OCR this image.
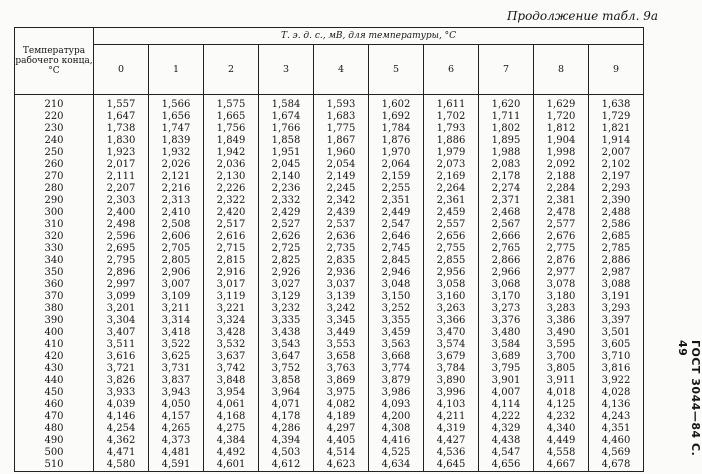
Продолжение табл. 9а
Температура рабочего конца, °С	Т. э. д. с., мВ, для температуры, °С									
	0	1	2	3	4	5	6	7	8	9
210	1,557	1,566	1,575	1,584	1,593	1,602	1,611	1,620	1,629	1,638
220	1,647	1,656	1,665	1,674	1,683	1,692	1,702	1,711	1,720	1,729
230	1,738	1,747	1,756	1,766	1,775	1,784	1,793	1,802	1,812	1,821
240	1,830	1,839	1,849	1,858	1,867	1,876	1,886	1,895	1,904	1,914
250	1,923	1,932	1,942	1,951	1,960	1,970	1,979	1,988	1,998	2,007
260	2,017	2,026	2,036	2,045	2,054	2,064	2,073	2,083	2,092	2,102
270	2,111	2,121	2,130	2,140	2,149	2,159	2,169	2,178	2,188	2,197
280	2,207	2,216	2,226	2,236	2,245	2,255	2,264	2,274	2,284	2,293
290	2,303	2,313	2,322	2,332	2,342	2,351	2,361	2,371	2,381	2,390
300	2,400	2,410	2,420	2,429	2,439	2,449	2,459	2,468	2,478	2,488
310	2,498	2,508	2,517	2,527	2,537	2,547	2,557	2,567	2,577	2,586
320	2,596	2,606	2,616	2,626	2,636	2,646	2,656	2,666	2,676	2,685
330	2,695	2,705	2,715	2,725	2,735	2,745	2,755	2,765	2,775	2,785
340	2,795	2,805	2,815	2,825	2,835	2,845	2,855	2,866	2,876	2,886
350	2,896	2,906	2,916	2,926	2,936	2,946	2,956	2,966	2,977	2,987
360	2,997	3,007	3,017	3,027	3,037	3,048	3,058	3,068	3,078	3,088
370	3,099	3,109	3,119	3,129	3,139	3,150	3,160	3,170	3,180	3,191
380	3,201	3,211	3,221	3,232	3,242	3,252	3,263	3,273	3,283	3,293
390	3,304	3,314	3,324	3,335	3,345	3,355	3,366	3,376	3,386	3,397
400	3,407	3,418	3,428	3,438	3,449	3,459	3,470	3,480	3,490	3,501
410	3,511	3,522	3,532	3,543	3,553	3,563	3,574	3,584	3,595	3,605
420	3,616	3,625	3,637	3,647	3,658	3,668	3,679	3,689	3,700	3,710
430	3,721	3,731	3,742	3,752	3,763	3,774	3,784	3,795	3,805	3,816
440	3,826	3,837	3,848	3,858	3,869	3,879	3,890	3,901	3,911	3,922
450	3,933	3,943	3,954	3,964	3,975	3,986	3,996	4,007	4,018	4,028
460	4,039	4,050	4,061	4,071	4,082	4,093	4,103	4,114	4,125	4,136
470	4,146	4,157	4,168	4,178	4,189	4,200	4,211	4,222	4,232	4,243
480	4,254	4,265	4,275	4,286	4,297	4,308	4,319	4,329	4,340	4,351
490	4,362	4,373	4,384	4,394	4,405	4,416	4,427	4,438	4,449	4,460
500	4,471	4,481	4,492	4,503	4,514	4,525	4,536	4,547	4,558	4,569
510	4,580	4,591	4,601	4,612	4,623	4,634	4,645	4,656	4,667	4,678
ГОСТ 3044—84 С. 49
